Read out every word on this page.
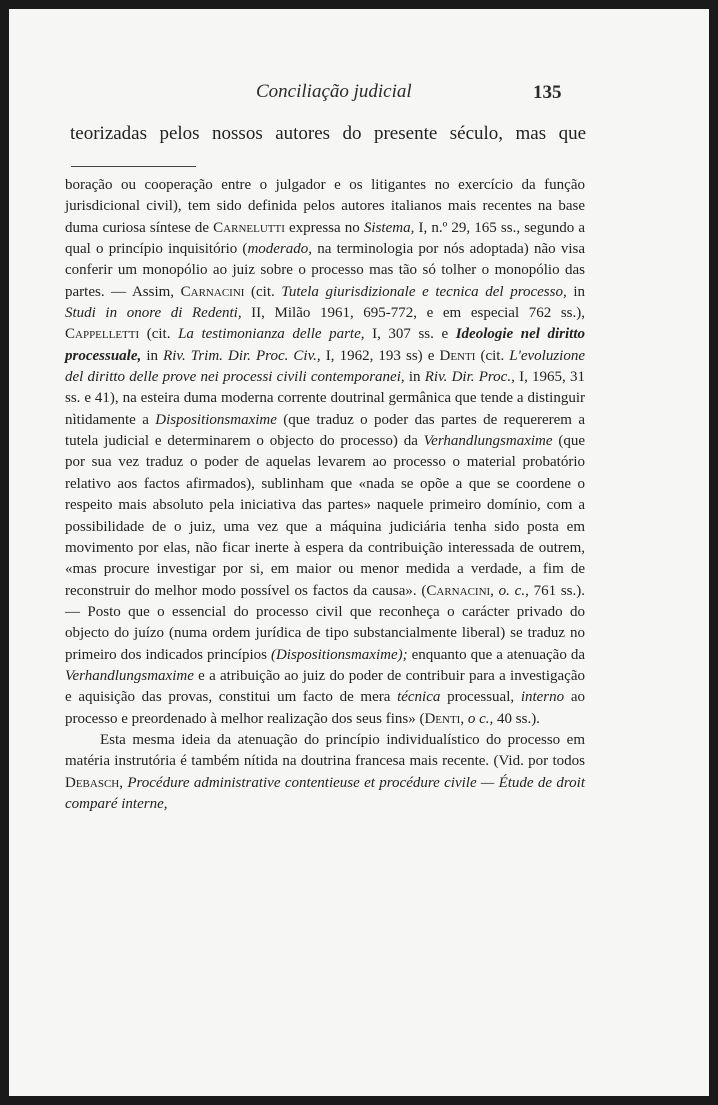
Conciliação judicial	135
teorizadas pelos nossos autores do presente século, mas que

boração ou cooperação entre o julgador e os litigantes no exercício da função jurisdicional civil), tem sido definida pelos autores italianos mais recentes na base duma curiosa síntese de Carnelutti expressa no Sistema, I, n.º 29, 165 ss., segundo a qual o princípio inquisitório (moderado, na terminologia por nós adoptada) não visa conferir um monopólio ao juiz sobre o processo mas tão só tolher o monopólio das partes. — Assim, Carnacini (cit. Tutela giurisdizionale e tecnica del processo, in Studi in onore di Redenti, II, Milão 1961, 695-772, e em especial 762 ss.), Cappelletti (cit. La testimonianza delle parte, I, 307 ss. e Ideologie nel diritto processuale, in Riv. Trim. Dir. Proc. Civ., I, 1962, 193 ss) e Denti (cit. L'evoluzione del diritto delle prove nei processi civili contemporanei, in Riv. Dir. Proc., I, 1965, 31 ss. e 41), na esteira duma moderna corrente doutrinal germânica que tende a distinguir nìtidamente a Dispositionsmaxime (que traduz o poder das partes de requererem a tutela judicial e determinarem o objecto do processo) da Verhandlungsmaxime (que por sua vez traduz o poder de aquelas levarem ao processo o material probatório relativo aos factos afirmados), sublinham que «nada se opõe a que se coordene o respeito mais absoluto pela iniciativa das partes» naquele primeiro domínio, com a possibilidade de o juiz, uma vez que a máquina judiciária tenha sido posta em movimento por elas, não ficar inerte à espera da contribuição interessada de outrem, «mas procure investigar por si, em maior ou menor medida a verdade, a fim de reconstruir do melhor modo possível os factos da causa». (Carnacini, o. c., 761 ss.). — Posto que o essencial do processo civil que reconheça o carácter privado do objecto do juízo (numa ordem jurídica de tipo substancialmente liberal) se traduz no primeiro dos indicados princípios (Dispositionsmaxime); enquanto que a atenuação da Verhandlungsmaxime e a atribuição ao juiz do poder de contribuir para a investigação e aquisição das provas, constitui um facto de mera técnica processual, interno ao processo e preordenado à melhor realização dos seus fins» (Denti, o c., 40 ss.).

Esta mesma ideia da atenuação do princípio individualístico do processo em matéria instrutória é também nítida na doutrina francesa mais recente. (Vid. por todos Debasch, Procédure administrative contentieuse et procédure civile — Étude de droit comparé interne,
